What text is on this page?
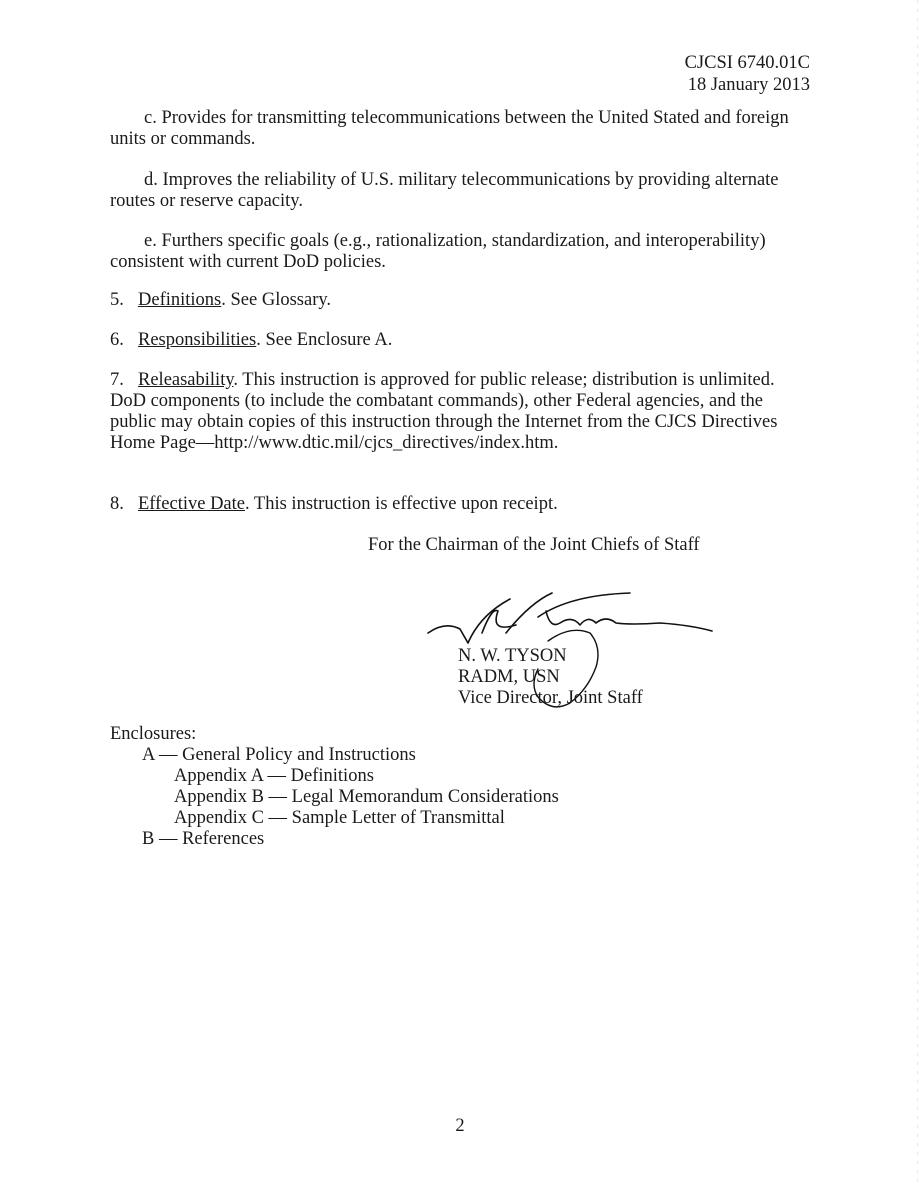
CJCSI 6740.01C
18 January 2013

c. Provides for transmitting telecommunications between the United Stated and foreign units or commands.

d. Improves the reliability of U.S. military telecommunications by providing alternate routes or reserve capacity.

e. Furthers specific goals (e.g., rationalization, standardization, and interoperability) consistent with current DoD policies.

5. Definitions. See Glossary.

6. Responsibilities. See Enclosure A.

7. Releasability. This instruction is approved for public release; distribution is unlimited. DoD components (to include the combatant commands), other Federal agencies, and the public may obtain copies of this instruction through the Internet from the CJCS Directives Home Page—http://www.dtic.mil/cjcs_directives/index.htm.

8. Effective Date. This instruction is effective upon receipt.

For the Chairman of the Joint Chiefs of Staff
N. W. TYSON
RADM, USN
Vice Director, Joint Staff
Enclosures:
A — General Policy and Instructions
Appendix A — Definitions
Appendix B — Legal Memorandum Considerations
Appendix C — Sample Letter of Transmittal
B — References
2
